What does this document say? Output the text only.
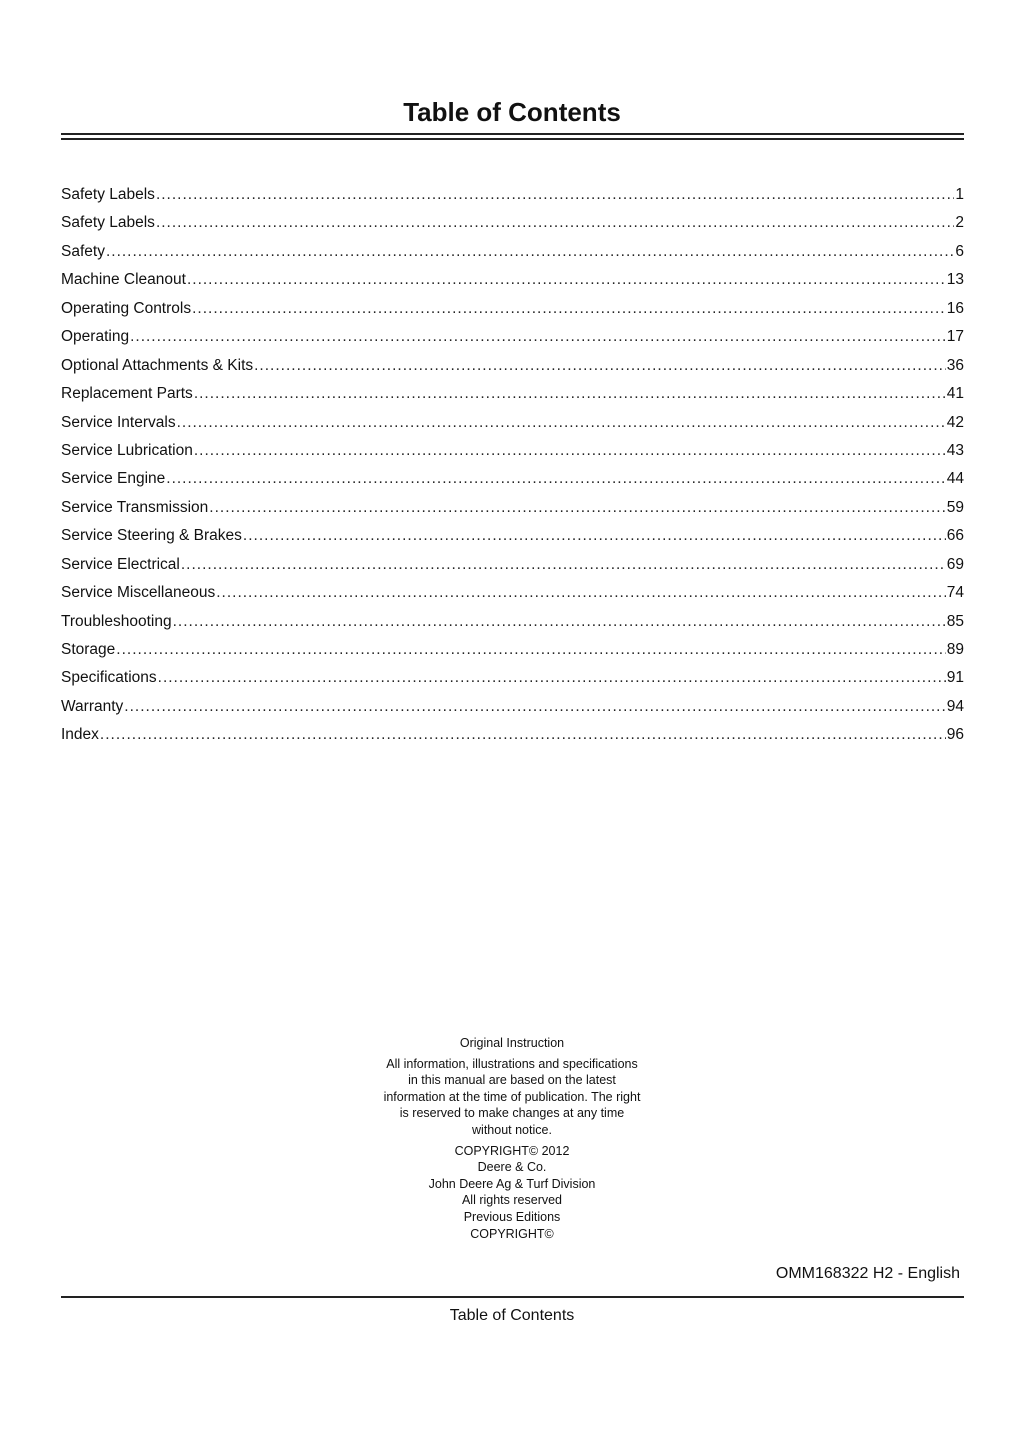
Table of Contents
Safety Labels .....	1
Safety Labels .....	2
Safety .....	6
Machine Cleanout .....	13
Operating Controls .....	16
Operating .....	17
Optional Attachments & Kits .....	36
Replacement Parts .....	41
Service Intervals .....	42
Service Lubrication .....	43
Service Engine .....	44
Service Transmission .....	59
Service Steering & Brakes .....	66
Service Electrical .....	69
Service Miscellaneous .....	74
Troubleshooting .....	85
Storage .....	89
Specifications .....	91
Warranty .....	94
Index .....	96

Original Instruction

All information, illustrations and specifications in this manual are based on the latest information at the time of publication. The right is reserved to make changes at any time without notice.

COPYRIGHT© 2012

Deere & Co.

John Deere Ag & Turf Division

All rights reserved

Previous Editions

COPYRIGHT©

OMM168322 H2 - English
Table of Contents
